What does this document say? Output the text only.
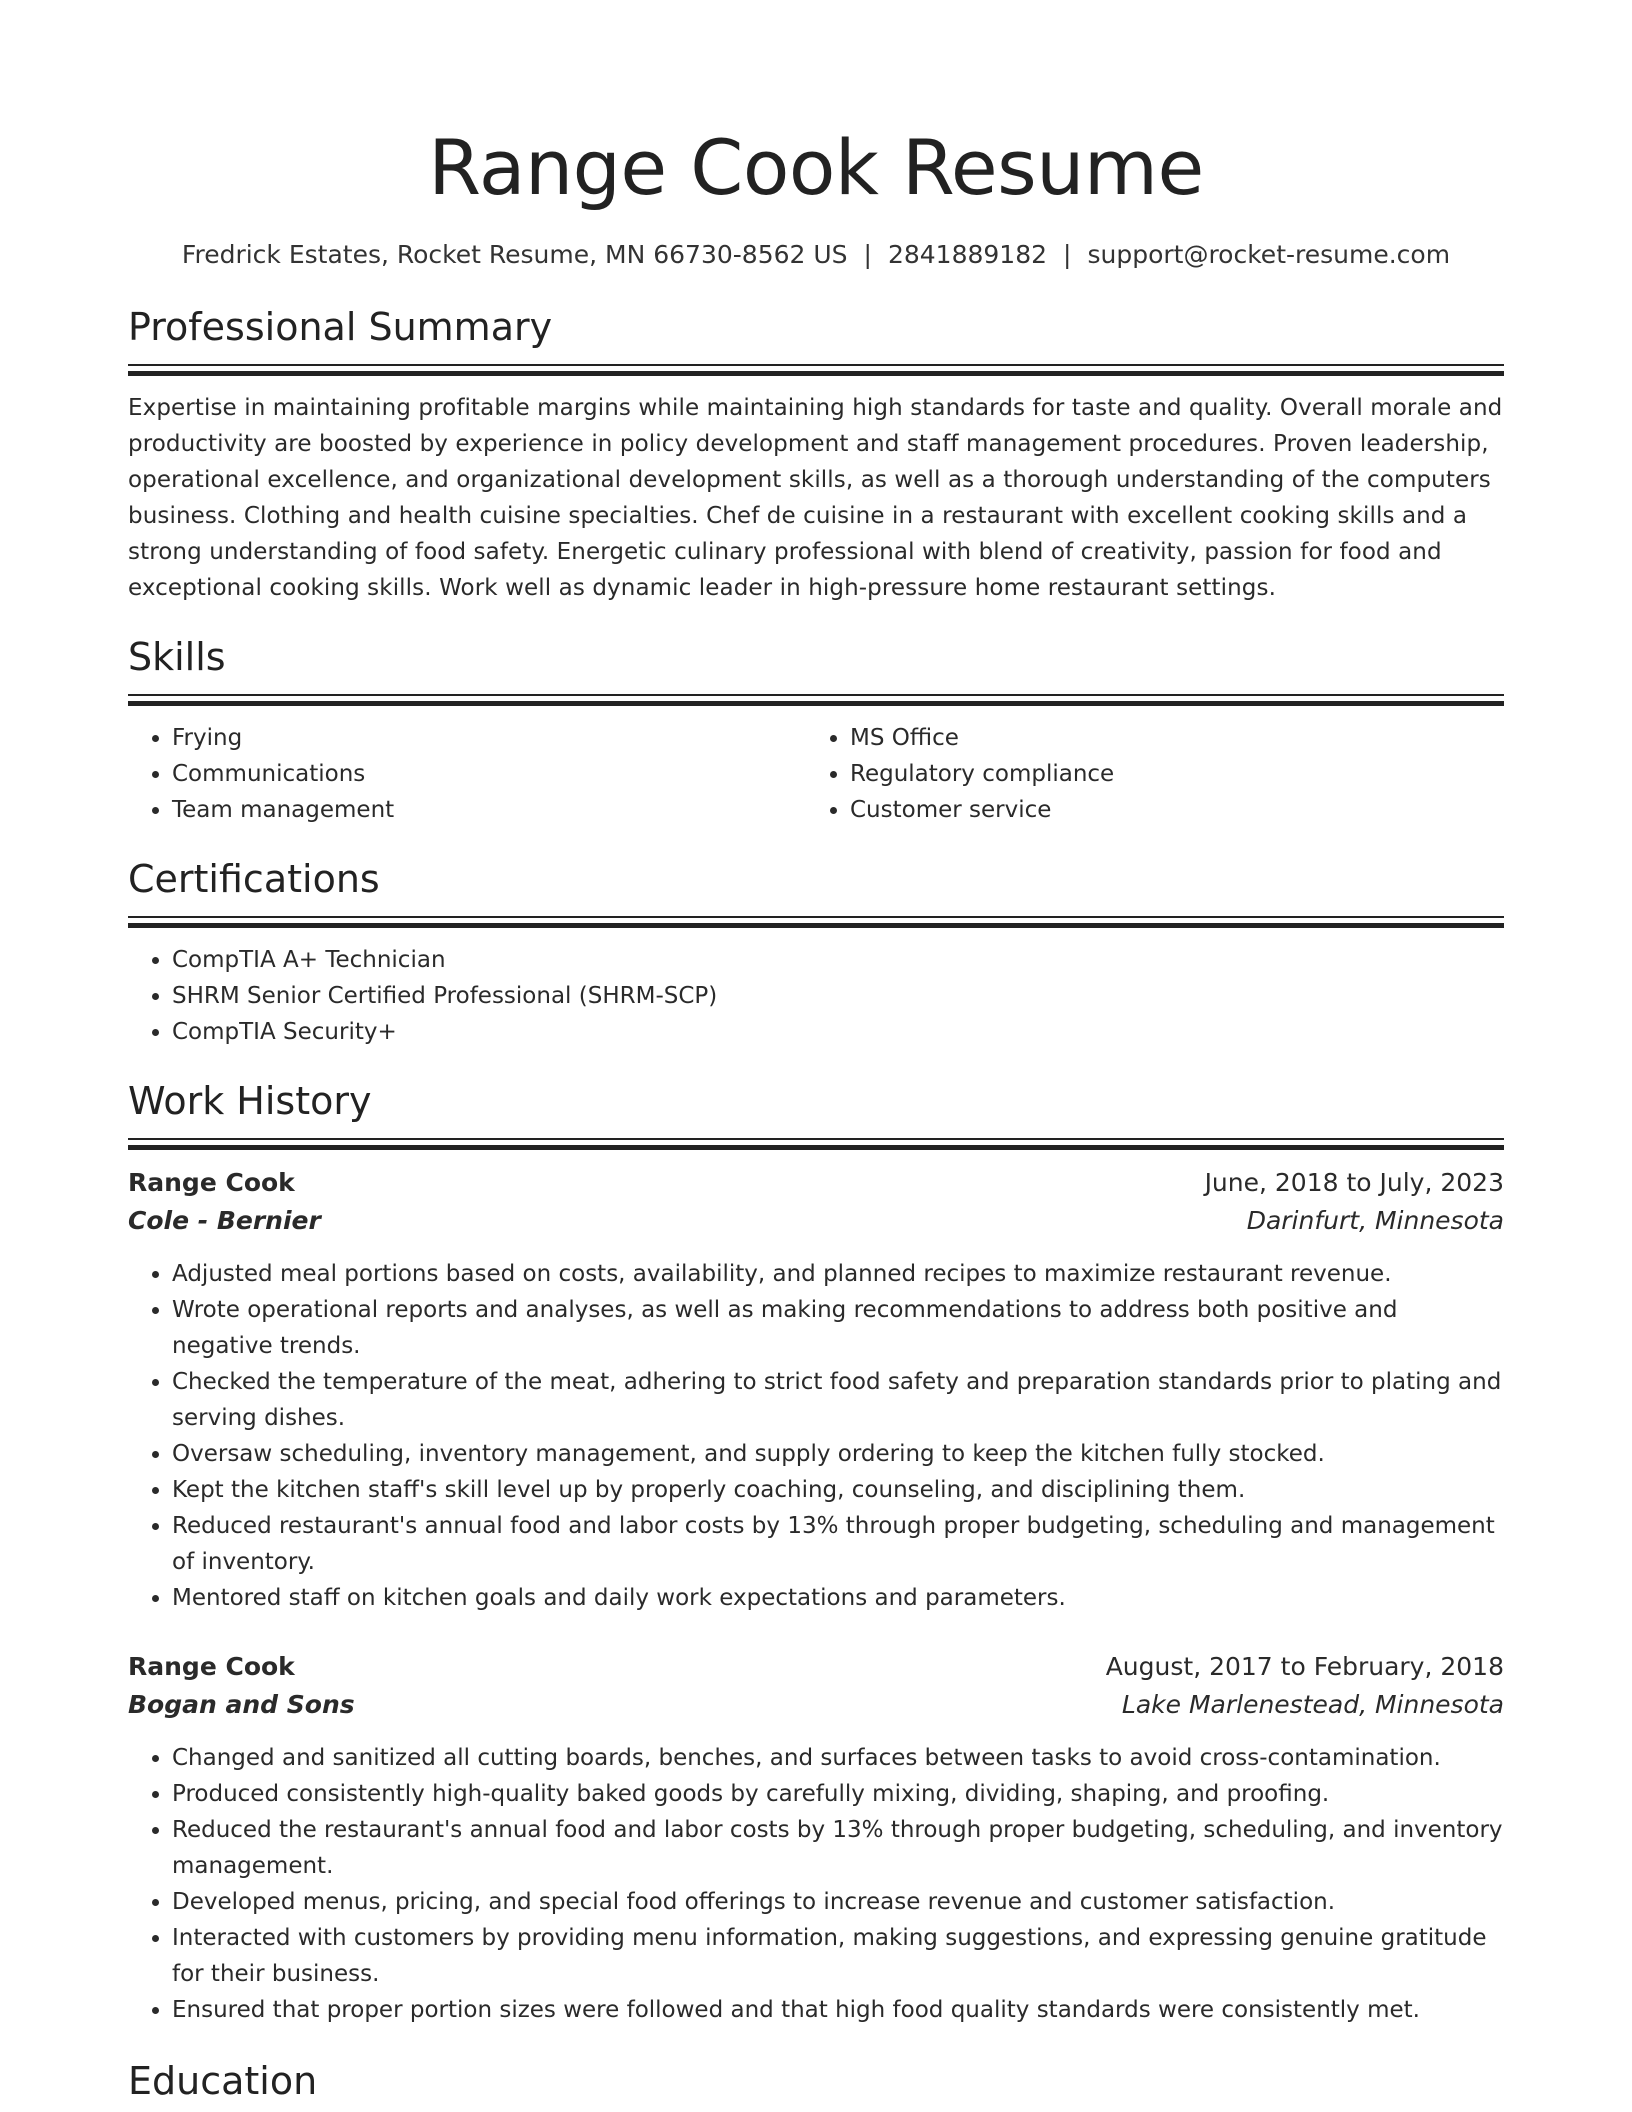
Range Cook Resume
Fredrick Estates, Rocket Resume, MN 66730-8562 US | 2841889182 | support@rocket-resume.com
Professional Summary
Expertise in maintaining profitable margins while maintaining high standards for taste and quality. Overall morale and productivity are boosted by experience in policy development and staff management procedures. Proven leadership, operational excellence, and organizational development skills, as well as a thorough understanding of the computers business. Clothing and health cuisine specialties. Chef de cuisine in a restaurant with excellent cooking skills and a strong understanding of food safety. Energetic culinary professional with blend of creativity, passion for food and exceptional cooking skills. Work well as dynamic leader in high-pressure home restaurant settings.
Skills
• Frying
• Communications
• Team management
• MS Office
• Regulatory compliance
• Customer service
Certifications
• CompTIA A+ Technician
• SHRM Senior Certified Professional (SHRM-SCP)
• CompTIA Security+
Work History
Range Cook	June, 2018 to July, 2023
Cole - Bernier	Darinfurt, Minnesota
• Adjusted meal portions based on costs, availability, and planned recipes to maximize restaurant revenue.
• Wrote operational reports and analyses, as well as making recommendations to address both positive and negative trends.
• Checked the temperature of the meat, adhering to strict food safety and preparation standards prior to plating and serving dishes.
• Oversaw scheduling, inventory management, and supply ordering to keep the kitchen fully stocked.
• Kept the kitchen staff's skill level up by properly coaching, counseling, and disciplining them.
• Reduced restaurant's annual food and labor costs by 13% through proper budgeting, scheduling and management of inventory.
• Mentored staff on kitchen goals and daily work expectations and parameters.
Range Cook	August, 2017 to February, 2018
Bogan and Sons	Lake Marlenestead, Minnesota
• Changed and sanitized all cutting boards, benches, and surfaces between tasks to avoid cross-contamination.
• Produced consistently high-quality baked goods by carefully mixing, dividing, shaping, and proofing.
• Reduced the restaurant's annual food and labor costs by 13% through proper budgeting, scheduling, and inventory management.
• Developed menus, pricing, and special food offerings to increase revenue and customer satisfaction.
• Interacted with customers by providing menu information, making suggestions, and expressing genuine gratitude for their business.
• Ensured that proper portion sizes were followed and that high food quality standards were consistently met.
Education
